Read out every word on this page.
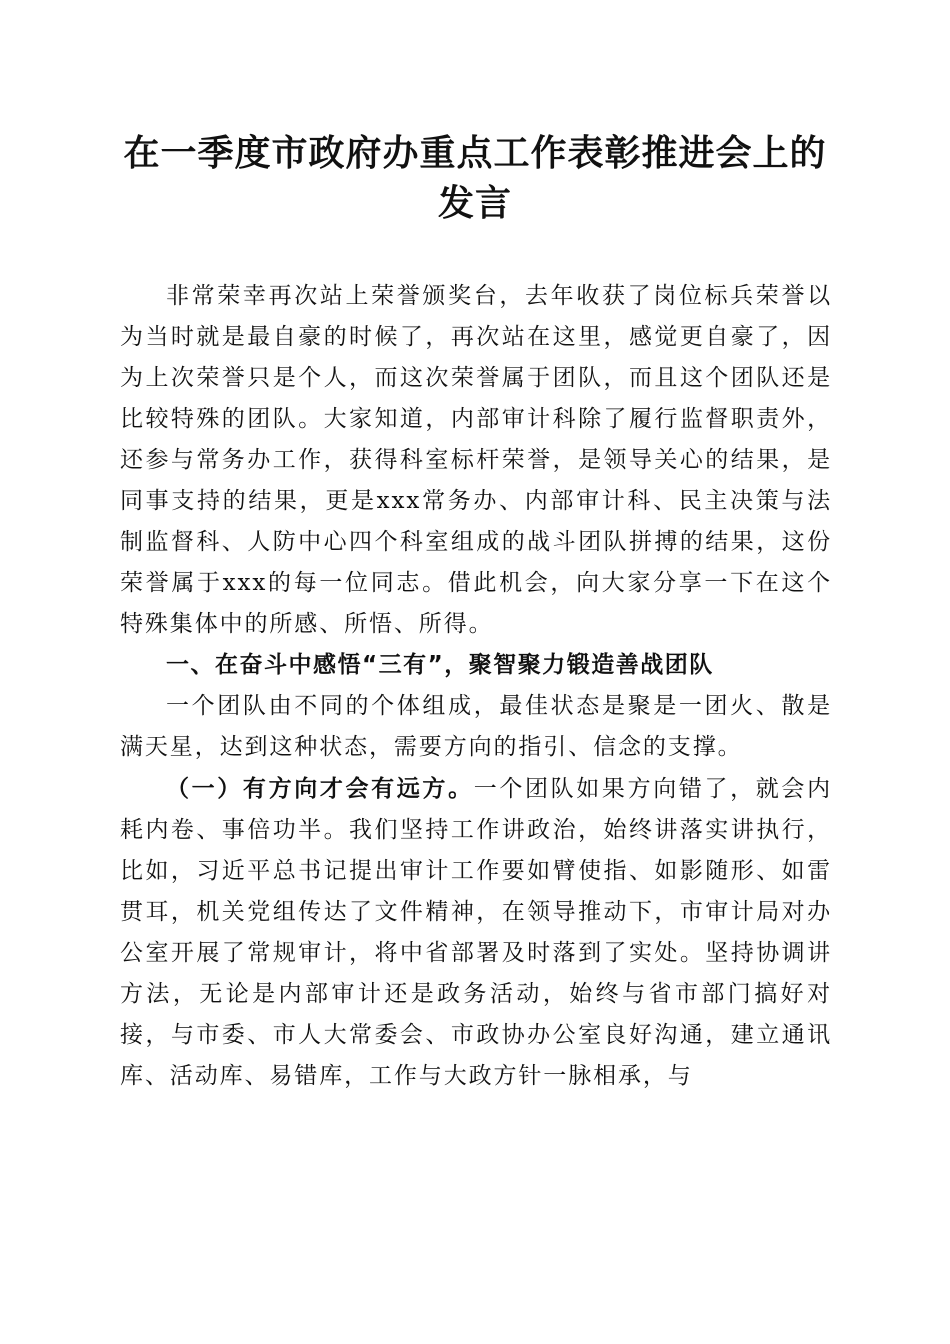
在一季度市政府办重点工作表彰推进会上的发言

非常荣幸再次站上荣誉颁奖台，去年收获了岗位标兵荣誉以为当时就是最自豪的时候了，再次站在这里，感觉更自豪了，因为上次荣誉只是个人，而这次荣誉属于团队，而且这个团队还是比较特殊的团队。大家知道，内部审计科除了履行监督职责外，还参与常务办工作，获得科室标杆荣誉，是领导关心的结果，是同事支持的结果，更是xxx常务办、内部审计科、民主决策与法制监督科、人防中心四个科室组成的战斗团队拼搏的结果，这份荣誉属于xxx的每一位同志。借此机会，向大家分享一下在这个特殊集体中的所感、所悟、所得。

一、在奋斗中感悟“三有”，聚智聚力锻造善战团队

一个团队由不同的个体组成，最佳状态是聚是一团火、散是满天星，达到这种状态，需要方向的指引、信念的支撑。

（一）有方向才会有远方。一个团队如果方向错了，就会内耗内卷、事倍功半。我们坚持工作讲政治，始终讲落实讲执行，比如，习近平总书记提出审计工作要如臂使指、如影随形、如雷贯耳，机关党组传达了文件精神，在领导推动下，市审计局对办公室开展了常规审计，将中省部署及时落到了实处。坚持协调讲方法，无论是内部审计还是政务活动，始终与省市部门搞好对接，与市委、市人大常委会、市政协办公室良好沟通，建立通讯库、活动库、易错库，工作与大政方针一脉相承，与
